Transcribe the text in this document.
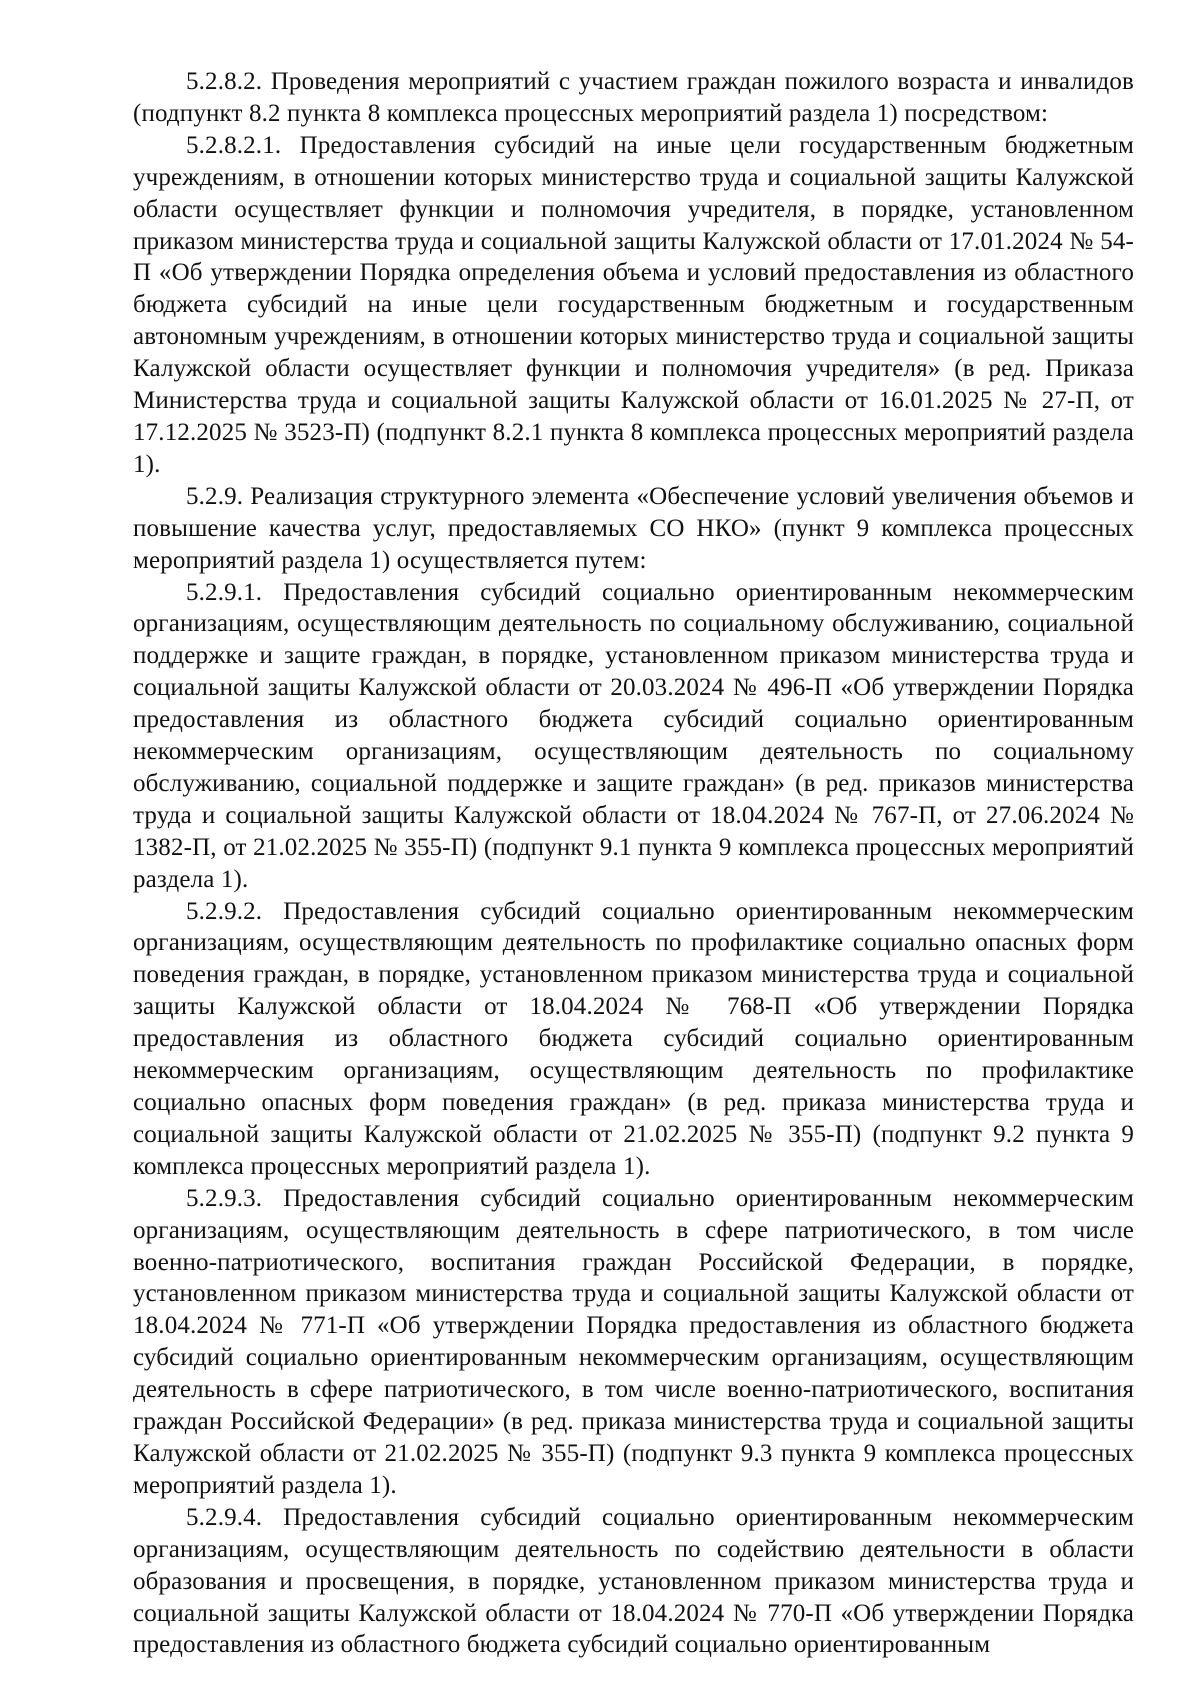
5.2.8.2. Проведения мероприятий с участием граждан пожилого возраста и инвалидов (подпункт 8.2 пункта 8 комплекса процессных мероприятий раздела 1) посредством:

5.2.8.2.1. Предоставления субсидий на иные цели государственным бюджетным учреждениям, в отношении которых министерство труда и социальной защиты Калужской области осуществляет функции и полномочия учредителя, в порядке, установленном приказом министерства труда и социальной защиты Калужской области от 17.01.2024 № 54-П «Об утверждении Порядка определения объема и условий предоставления из областного бюджета субсидий на иные цели государственным бюджетным и государственным автономным учреждениям, в отношении которых министерство труда и социальной защиты Калужской области осуществляет функции и полномочия учредителя» (в ред. Приказа Министерства труда и социальной защиты Калужской области от 16.01.2025 № 27-П, от 17.12.2025 № 3523-П) (подпункт 8.2.1 пункта 8 комплекса процессных мероприятий раздела 1).

5.2.9. Реализация структурного элемента «Обеспечение условий увеличения объемов и повышение качества услуг, предоставляемых СО НКО» (пункт 9 комплекса процессных мероприятий раздела 1) осуществляется путем:

5.2.9.1. Предоставления субсидий социально ориентированным некоммерческим организациям, осуществляющим деятельность по социальному обслуживанию, социальной поддержке и защите граждан, в порядке, установленном приказом министерства труда и социальной защиты Калужской области от 20.03.2024 № 496-П «Об утверждении Порядка предоставления из областного бюджета субсидий социально ориентированным некоммерческим организациям, осуществляющим деятельность по социальному обслуживанию, социальной поддержке и защите граждан» (в ред. приказов министерства труда и социальной защиты Калужской области от 18.04.2024 № 767-П, от 27.06.2024 № 1382-П, от 21.02.2025 № 355-П) (подпункт 9.1 пункта 9 комплекса процессных мероприятий раздела 1).

5.2.9.2. Предоставления субсидий социально ориентированным некоммерческим организациям, осуществляющим деятельность по профилактике социально опасных форм поведения граждан, в порядке, установленном приказом министерства труда и социальной защиты Калужской области от 18.04.2024 № 768-П «Об утверждении Порядка предоставления из областного бюджета субсидий социально ориентированным некоммерческим организациям, осуществляющим деятельность по профилактике социально опасных форм поведения граждан» (в ред. приказа министерства труда и социальной защиты Калужской области от 21.02.2025 № 355-П) (подпункт 9.2 пункта 9 комплекса процессных мероприятий раздела 1).

5.2.9.3. Предоставления субсидий социально ориентированным некоммерческим организациям, осуществляющим деятельность в сфере патриотического, в том числе военно-патриотического, воспитания граждан Российской Федерации, в порядке, установленном приказом министерства труда и социальной защиты Калужской области от 18.04.2024 № 771-П «Об утверждении Порядка предоставления из областного бюджета субсидий социально ориентированным некоммерческим организациям, осуществляющим деятельность в сфере патриотического, в том числе военно-патриотического, воспитания граждан Российской Федерации» (в ред. приказа министерства труда и социальной защиты Калужской области от 21.02.2025 № 355-П) (подпункт 9.3 пункта 9 комплекса процессных мероприятий раздела 1).

5.2.9.4. Предоставления субсидий социально ориентированным некоммерческим организациям, осуществляющим деятельность по содействию деятельности в области образования и просвещения, в порядке, установленном приказом министерства труда и социальной защиты Калужской области от 18.04.2024 № 770-П «Об утверждении Порядка предоставления из областного бюджета субсидий социально ориентированным
